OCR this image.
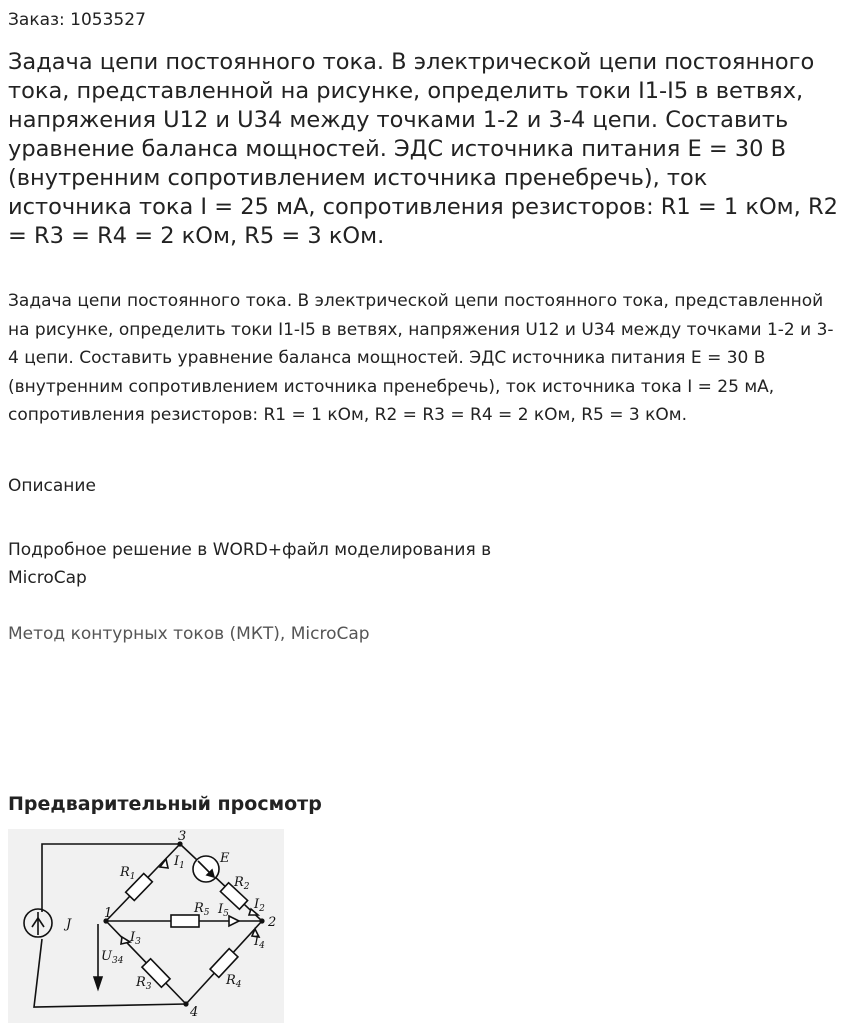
Заказ: 1053527
Задача цепи постоянного тока. В электрической цепи постоянного тока, представленной на рисунке, определить токи I1-I5 в ветвях, напряжения U12 и U34 между точками 1-2 и 3-4 цепи. Составить уравнение баланса мощностей. ЭДС источника питания E = 30 В (внутренним сопротивлением источника пренебречь), ток источника тока I = 25 мА, сопротивления резисторов: R1 = 1 кОм, R2 = R3 = R4 = 2 кОм, R5 = 3 кОм.
Задача цепи постоянного тока. В электрической цепи постоянного тока, представленной на рисунке, определить токи I1-I5 в ветвях, напряжения U12 и U34 между точками 1-2 и 3-4 цепи. Составить уравнение баланса мощностей. ЭДС источника питания E = 30 В (внутренним сопротивлением источника пренебречь), ток источника тока I = 25 мА, сопротивления резисторов: R1 = 1 кОм, R2 = R3 = R4 = 2 кОм, R5 = 3 кОм.
Описание
Подробное решение в WORD+файл моделирования в MicroCap
Метод контурных токов (МКТ), MicroCap
Предварительный просмотр
1
2
3
4
J
E
$R_1$	$R_2$
$R_3$	$R_4$
$R_5$
$I_1$
$I_2$
$I_3$	$I_4$
$I_5$
$U_{34}$
